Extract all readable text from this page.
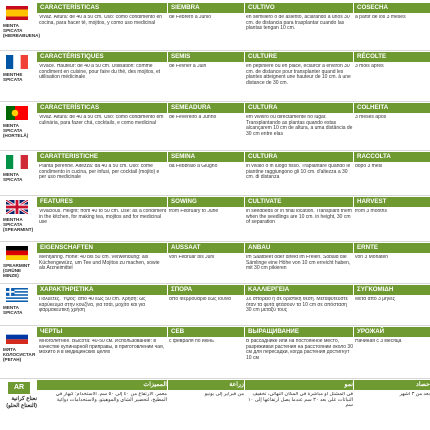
MENTA SPICATA (HIERBABUENA)
CARACTERÍSTICAS
Vivaz. Altura: de 40 a 50 cm. Uso: como condimento en cocina, para hacer té, mojitos, y como uso medicinal
SIEMBRA
de Febrero a Junio
CULTIVO
en semillero o de asiento, aclarando a unos 30 cm. de distancia para trasplantar cuando las plantas tengan 10 cm.
COSECHA
a partir de los 3 meses
MENTHE SPICATA
CARACTÉRISTIQUES
Vivace. Hauteur: de 40 à 50 cm. Utilisation: comme condiment en cuisine, pour faire du thé, des mojitos, et utilisation médicinale
SEMIS
de Février à Juin
CULTURE
en pépinière ou en place, éclaircir à environ 30 cm. de distance pour transplanter quand les plantes atteignent une hauteur de 10 cm. à une distance de 30 cm.
RÉCOLTE
3 mois après
MENTA SPICATA (HORTELÃ)
CARACTERÍSTICAS
Vivaz. Altura: de 40 a 50 cm. Uso: como condimento em culinária, para fazer chá, cocktails, e como medicinal
SEMEADURA
de Fevereiro a Junho
CULTURA
em viveiro ou directamente no lugar. Transplantando as plantas quando estas alcançarem 10 cm de altura, a uma distância de 30 cm entre elas
COLHEITA
3 meses após
MENTA SPICATA
CARATTERISTICHE
Pianta perenne. Altezza: da 40 a 50 cm. Uso: come condimento in cucina, per infusi, per cocktail (mojito) e per uso medicinale
SEMINA
da Febbraio a Giugno
CULTURA
in vivaio o in luogo fisso. Trapiantare quando le piantine raggiungono gli 10 cm. d'altezza a 30 cm. di distanza
RACCOLTA
dopo 3 mesi
MENTHA SPICATA (SPEARMINT)
FEATURES
Vivacious. Height: from 40 to 50 cm. Use: as a condiment in the kitchen, for making tea, mojitos and for medicinal use
SOWING
from February to June
CULTIVATE
in seedbeds or in final location. Transplant them when the seedlings are 10 cm. in height, 30 cm of separation
HARVEST
from 3 months
SPEARMINT (GRÜNE MINZE)
EIGENSCHAFTEN
Mehrjährig. Höhe: 40 bis 50 cm. Verwendung: als Küchengewürz, um Tee und Mojitos zu machen, sowie als Arzneimittel
AUSSAAT
von Februar bis Juni
ANBAU
Im Saatbeet oder direkt im Freien. Sobald die Sämlinge eine Höhe von 10 cm erreicht haben, mit 30 cm pikieren
ERNTE
von 3 Monaten
MENTA SPICATA
ΧΑΡΑΚΤΗΡΙΣΤΙΚΑ
Πολυετές. Ύψος: από 40 έως 50 cm. Χρήση: ως καρύκευμα στην κουζίνα, για τσάι, μοχίτο και για φαρμακευτική χρήση
ΣΠΟΡΑ
από Φεβρουάριο έως Ιούνιο
ΚΑΛΛΙΕΡΓΕΙΑ
Σε σπορείο ή σε οριστική θέση. Μεταφυτεύστε όταν τα φυτά φτάσουν τα 10 cm σε απόσταση 30 cm μεταξύ τους
ΣΥΓΚΟΜΙΔΗ
Μετά από 3 μήνες
МЯТА КОЛОСИСТАЯ (РЕГАН)
ЧЕРТЫ
Многолетнее. Высота: 40-50 см. Использование: в качестве кулинарной приправы, в приготовлении чая, мохито и в медицинских целях
СЕВ
с февраля по июнь
ВЫРАЩИВАНИЕ
В рассаднике или на постоянное место, разреживая растения на расстоянии около 30 см для пересадки, когда растения достигнут 10 см
УРОЖАЙ
Начиная с 3 месяца
AR
نعناع كرانية (النعناع الحلو)
المميزات
معمر. الارتفاع من ٤٠ إلى ٥٠ سم. الاستخدام: كبهار في المطبخ، لتحضير الشاي والموهيتو، ولاستخدامات دوائية
زراعة
من فبراير إلى يونيو
نمو
في المشتل أو مباشرة في المكان النهائي، تخفيف النباتات على بعد ٣٠ سم عندما يصل ارتفاعها إلى ١٠ سم
حصاد
بعد من ٣ أشهر
